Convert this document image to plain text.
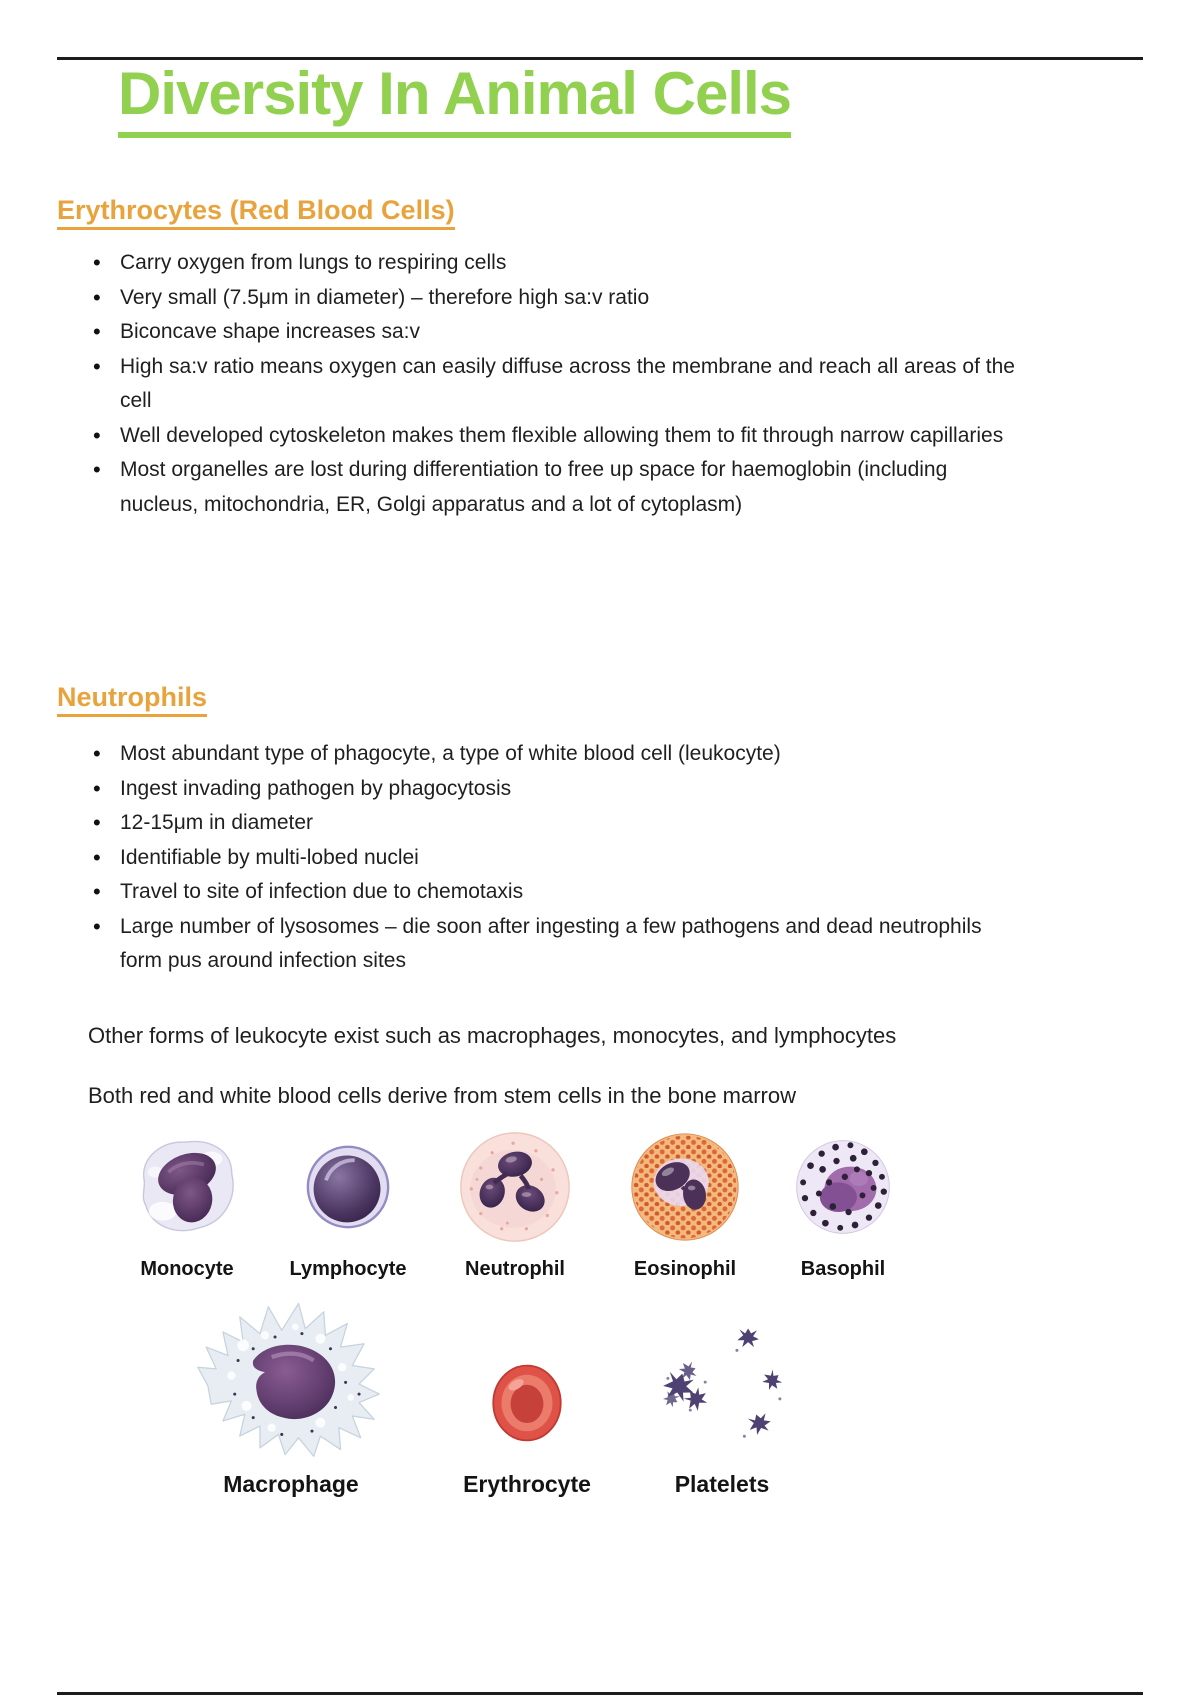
Diversity In Animal Cells
Erythrocytes (Red Blood Cells)
• Carry oxygen from lungs to respiring cells
• Very small (7.5μm in diameter) – therefore high sa:v ratio
• Biconcave shape increases sa:v
• High sa:v ratio means oxygen can easily diffuse across the membrane and reach all areas of the cell
• Well developed cytoskeleton makes them flexible allowing them to fit through narrow capillaries
• Most organelles are lost during differentiation to free up space for haemoglobin (including nucleus, mitochondria, ER, Golgi apparatus and a lot of cytoplasm)
Neutrophils
• Most abundant type of phagocyte, a type of white blood cell (leukocyte)
• Ingest invading pathogen by phagocytosis
• 12-15μm in diameter
• Identifiable by multi-lobed nuclei
• Travel to site of infection due to chemotaxis
• Large number of lysosomes – die soon after ingesting a few pathogens and dead neutrophils form pus around infection sites

Other forms of leukocyte exist such as macrophages, monocytes, and lymphocytes

Both red and white blood cells derive from stem cells in the bone marrow

Monocyte	Lymphocyte	Neutrophil	Eosinophil	Basophil
Macrophage	Erythrocyte	Platelets
